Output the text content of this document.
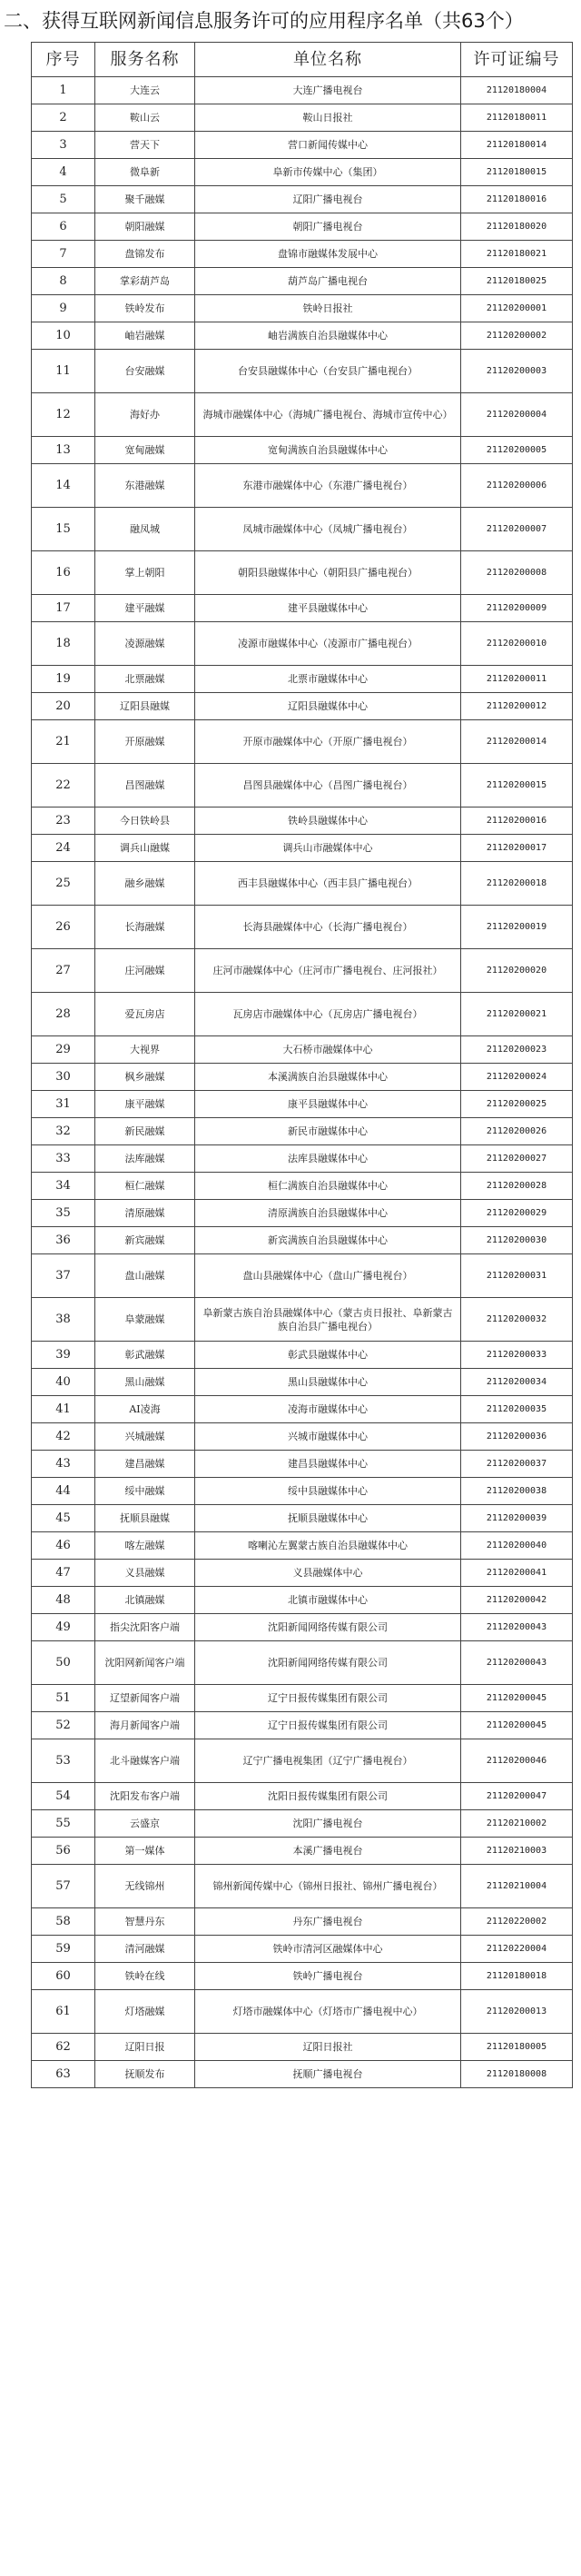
二、获得互联网新闻信息服务许可的应用程序名单（共63个）
序号	服务名称	单位名称	许可证编号
1	大连云	大连广播电视台	21120180004
2	鞍山云	鞍山日报社	21120180011
3	营天下	营口新闻传媒中心	21120180014
4	微阜新	阜新市传媒中心（集团）	21120180015
5	聚千融媒	辽阳广播电视台	21120180016
6	朝阳融媒	朝阳广播电视台	21120180020
7	盘锦发布	盘锦市融媒体发展中心	21120180021
8	掌彩葫芦岛	葫芦岛广播电视台	21120180025
9	铁岭发布	铁岭日报社	21120200001
10	岫岩融媒	岫岩满族自治县融媒体中心	21120200002
11	台安融媒	台安县融媒体中心（台安县广播电视台）	21120200003
12	海好办	海城市融媒体中心（海城广播电视台、海城市宣传中心）	21120200004
13	宽甸融媒	宽甸满族自治县融媒体中心	21120200005
14	东港融媒	东港市融媒体中心（东港广播电视台）	21120200006
15	融凤城	凤城市融媒体中心（凤城广播电视台）	21120200007
16	掌上朝阳	朝阳县融媒体中心（朝阳县广播电视台）	21120200008
17	建平融媒	建平县融媒体中心	21120200009
18	凌源融媒	凌源市融媒体中心（凌源市广播电视台）	21120200010
19	北票融媒	北票市融媒体中心	21120200011
20	辽阳县融媒	辽阳县融媒体中心	21120200012
21	开原融媒	开原市融媒体中心（开原广播电视台）	21120200014
22	昌图融媒	昌图县融媒体中心（昌图广播电视台）	21120200015
23	今日铁岭县	铁岭县融媒体中心	21120200016
24	调兵山融媒	调兵山市融媒体中心	21120200017
25	融乡融媒	西丰县融媒体中心（西丰县广播电视台）	21120200018
26	长海融媒	长海县融媒体中心（长海广播电视台）	21120200019
27	庄河融媒	庄河市融媒体中心（庄河市广播电视台、庄河报社）	21120200020
28	爱瓦房店	瓦房店市融媒体中心（瓦房店广播电视台）	21120200021
29	大视界	大石桥市融媒体中心	21120200023
30	枫乡融媒	本溪满族自治县融媒体中心	21120200024
31	康平融媒	康平县融媒体中心	21120200025
32	新民融媒	新民市融媒体中心	21120200026
33	法库融媒	法库县融媒体中心	21120200027
34	桓仁融媒	桓仁满族自治县融媒体中心	21120200028
35	清原融媒	清原满族自治县融媒体中心	21120200029
36	新宾融媒	新宾满族自治县融媒体中心	21120200030
37	盘山融媒	盘山县融媒体中心（盘山广播电视台）	21120200031
38	阜蒙融媒	阜新蒙古族自治县融媒体中心（蒙古贞日报社、阜新蒙古族自治县广播电视台）	21120200032
39	彰武融媒	彰武县融媒体中心	21120200033
40	黑山融媒	黑山县融媒体中心	21120200034
41	AI凌海	凌海市融媒体中心	21120200035
42	兴城融媒	兴城市融媒体中心	21120200036
43	建昌融媒	建昌县融媒体中心	21120200037
44	绥中融媒	绥中县融媒体中心	21120200038
45	抚顺县融媒	抚顺县融媒体中心	21120200039
46	喀左融媒	喀喇沁左翼蒙古族自治县融媒体中心	21120200040
47	义县融媒	义县融媒体中心	21120200041
48	北镇融媒	北镇市融媒体中心	21120200042
49	指尖沈阳客户端	沈阳新闻网络传媒有限公司	21120200043
50	沈阳网新闻客户端	沈阳新闻网络传媒有限公司	21120200043
51	辽望新闻客户端	辽宁日报传媒集团有限公司	21120200045
52	海月新闻客户端	辽宁日报传媒集团有限公司	21120200045
53	北斗融媒客户端	辽宁广播电视集团（辽宁广播电视台）	21120200046
54	沈阳发布客户端	沈阳日报传媒集团有限公司	21120200047
55	云盛京	沈阳广播电视台	21120210002
56	第一媒体	本溪广播电视台	21120210003
57	无线锦州	锦州新闻传媒中心（锦州日报社、锦州广播电视台）	21120210004
58	智慧丹东	丹东广播电视台	21120220002
59	清河融媒	铁岭市清河区融媒体中心	21120220004
60	铁岭在线	铁岭广播电视台	21120180018
61	灯塔融媒	灯塔市融媒体中心（灯塔市广播电视中心）	21120200013
62	辽阳日报	辽阳日报社	21120180005
63	抚顺发布	抚顺广播电视台	21120180008
